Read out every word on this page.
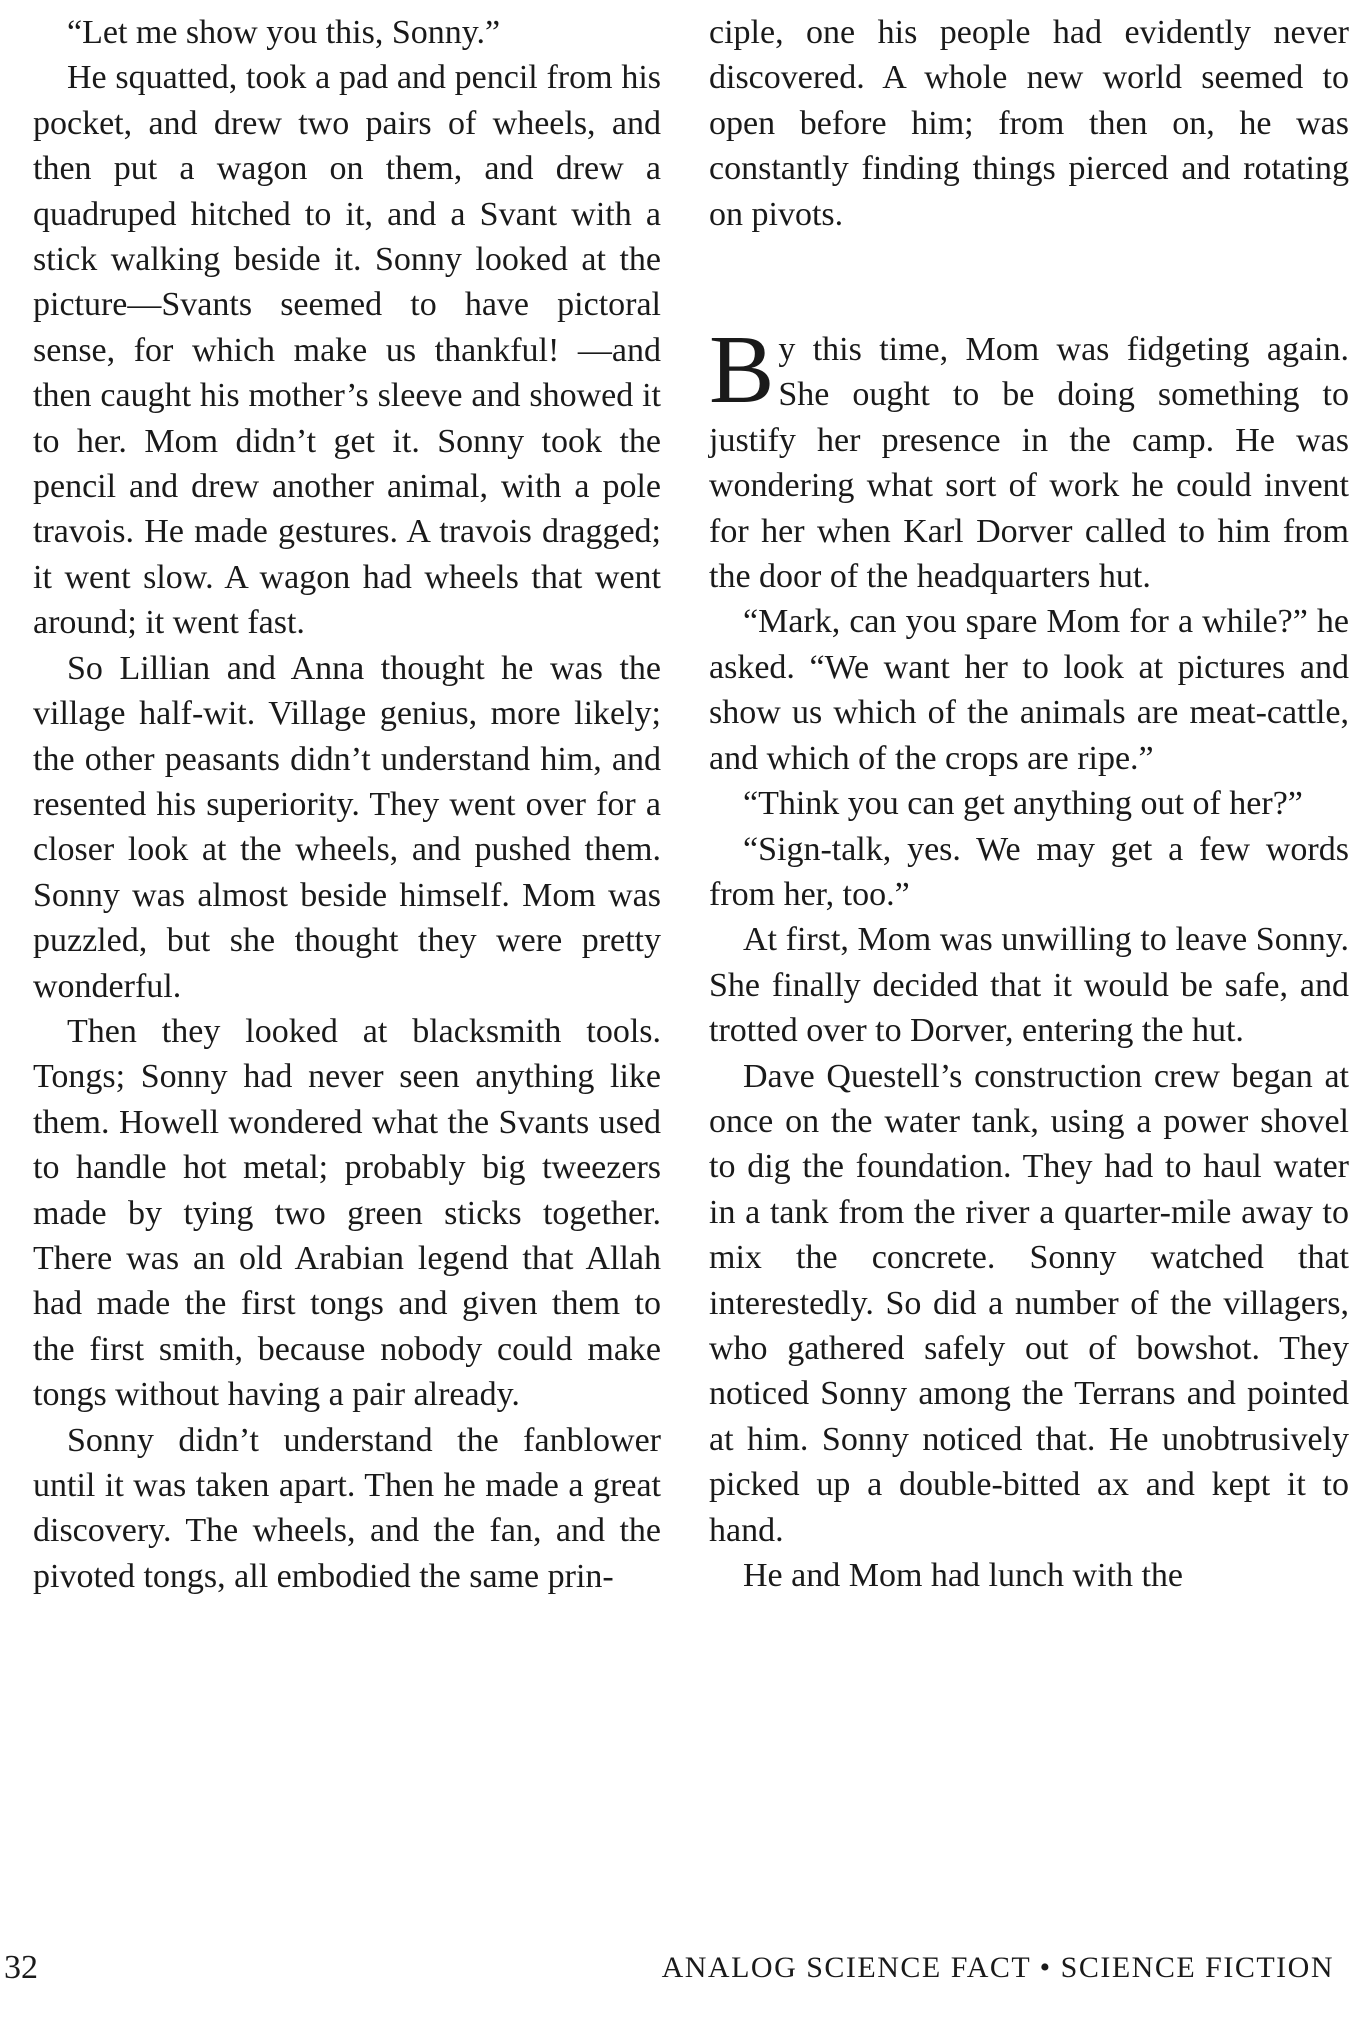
“Let me show you this, Sonny.”

He squatted, took a pad and pencil from his pocket, and drew two pairs of wheels, and then put a wagon on them, and drew a quadruped hitched to it, and a Svant with a stick walking beside it. Sonny looked at the picture—Svants seemed to have pictoral sense, for which make us thankful! —and then caught his mother’s sleeve and showed it to her. Mom didn’t get it. Sonny took the pencil and drew another animal, with a pole travois. He made gestures. A travois dragged; it went slow. A wagon had wheels that went around; it went fast.

So Lillian and Anna thought he was the village half-wit. Village genius, more likely; the other peasants didn’t understand him, and resented his superiority. They went over for a closer look at the wheels, and pushed them. Sonny was almost beside himself. Mom was puzzled, but she thought they were pretty wonderful.

Then they looked at blacksmith tools. Tongs; Sonny had never seen anything like them. Howell wondered what the Svants used to handle hot metal; probably big tweezers made by tying two green sticks together. There was an old Arabian legend that Allah had made the first tongs and given them to the first smith, because nobody could make tongs without having a pair already.

Sonny didn’t understand the fanblower until it was taken apart. Then he made a great discovery. The wheels, and the fan, and the pivoted tongs, all embodied the same prin-

ciple, one his people had evidently never discovered. A whole new world seemed to open before him; from then on, he was constantly finding things pierced and rotating on pivots.

By this time, Mom was fidgeting again. She ought to be doing something to justify her presence in the camp. He was wondering what sort of work he could invent for her when Karl Dorver called to him from the door of the headquarters hut.

“Mark, can you spare Mom for a while?” he asked. “We want her to look at pictures and show us which of the animals are meat-cattle, and which of the crops are ripe.”

“Think you can get anything out of her?”

“Sign-talk, yes. We may get a few words from her, too.”

At first, Mom was unwilling to leave Sonny. She finally decided that it would be safe, and trotted over to Dorver, entering the hut.

Dave Questell’s construction crew began at once on the water tank, using a power shovel to dig the foundation. They had to haul water in a tank from the river a quarter-mile away to mix the concrete. Sonny watched that interestedly. So did a number of the villagers, who gathered safely out of bowshot. They noticed Sonny among the Terrans and pointed at him. Sonny noticed that. He unobtrusively picked up a double-bitted ax and kept it to hand.

He and Mom had lunch with the

32	ANALOG SCIENCE FACT • SCIENCE FICTION
